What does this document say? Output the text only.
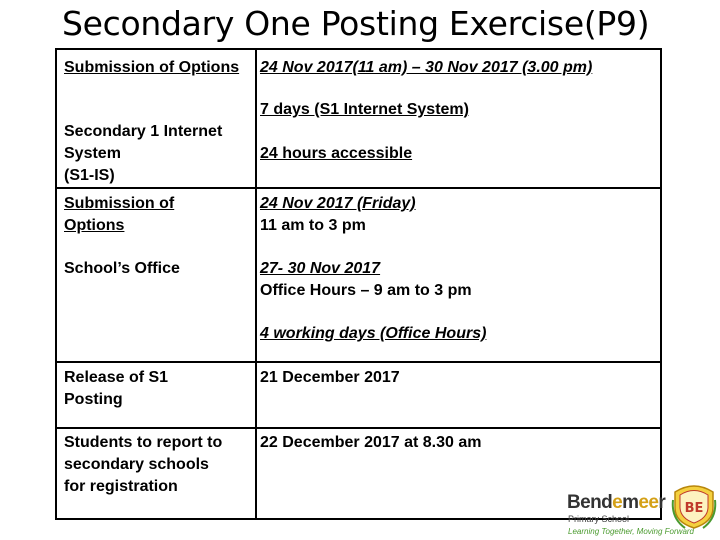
Secondary One Posting Exercise(P9)
Submission of Options	24 Nov 2017(11 am) – 30 Nov 2017 (3.00 pm)
Secondary 1 Internet
System
(S1-IS)
7 days (S1 Internet System)
24 hours accessible
Submission of
Options
24 Nov 2017 (Friday)
11 am to 3 pm
School’s Office	27- 30 Nov 2017
Office Hours – 9 am to 3 pm
4 working days (Office Hours)
Release of S1
Posting
21 December 2017
Students to report to
secondary schools
for registration
22 December 2017 at 8.30 am
Bendemeer
Primary School
Learning Together, Moving Forward
BE
